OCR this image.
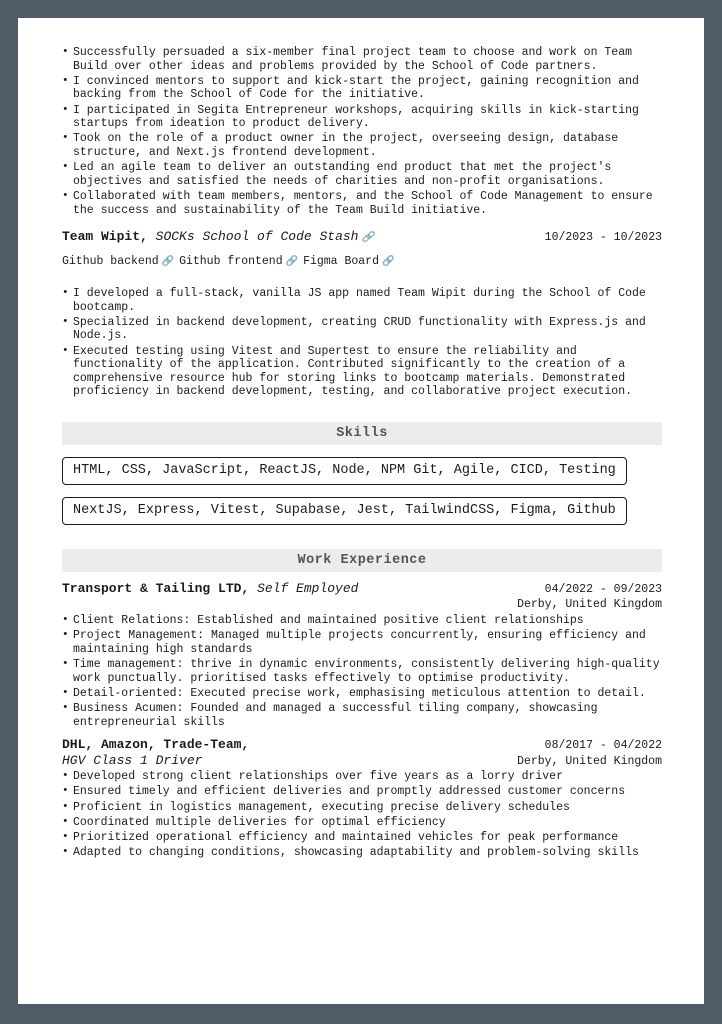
• Successfully persuaded a six-member final project team to choose and work on Team Build over other ideas and problems provided by the School of Code partners.
• I convinced mentors to support and kick-start the project, gaining recognition and backing from the School of Code for the initiative.
• I participated in Segita Entrepreneur workshops, acquiring skills in kick-starting startups from ideation to product delivery.
• Took on the role of a product owner in the project, overseeing design, database structure, and Next.js frontend development.
• Led an agile team to deliver an outstanding end product that met the project's objectives and satisfied the needs of charities and non-profit organisations.
• Collaborated with team members, mentors, and the School of Code Management to ensure the success and sustainability of the Team Build initiative.
Team Wipit, SOCKs School of Code Stash 🔗	10/2023 - 10/2023
Github backend 🔗 Github frontend 🔗 Figma Board 🔗
• I developed a full-stack, vanilla JS app named Team Wipit during the School of Code bootcamp.
• Specialized in backend development, creating CRUD functionality with Express.js and Node.js.
• Executed testing using Vitest and Supertest to ensure the reliability and functionality of the application. Contributed significantly to the creation of a comprehensive resource hub for storing links to bootcamp materials. Demonstrated proficiency in backend development, testing, and collaborative project execution.
Skills
HTML, CSS, JavaScript, ReactJS, Node, NPM Git, Agile, CICD, Testing
NextJS, Express, Vitest, Supabase, Jest, TailwindCSS, Figma, Github
Work Experience
Transport & Tailing LTD, Self Employed	04/2022 - 09/2023
Derby, United Kingdom
• Client Relations: Established and maintained positive client relationships
• Project Management: Managed multiple projects concurrently, ensuring efficiency and maintaining high standards
• Time management: thrive in dynamic environments, consistently delivering high-quality work punctually. prioritised tasks effectively to optimise productivity.
• Detail-oriented: Executed precise work, emphasising meticulous attention to detail.
• Business Acumen: Founded and managed a successful tiling company, showcasing entrepreneurial skills
DHL, Amazon, Trade-Team,	08/2017 - 04/2022
HGV Class 1 Driver	Derby, United Kingdom
• Developed strong client relationships over five years as a lorry driver
• Ensured timely and efficient deliveries and promptly addressed customer concerns
• Proficient in logistics management, executing precise delivery schedules
• Coordinated multiple deliveries for optimal efficiency
• Prioritized operational efficiency and maintained vehicles for peak performance
• Adapted to changing conditions, showcasing adaptability and problem-solving skills
